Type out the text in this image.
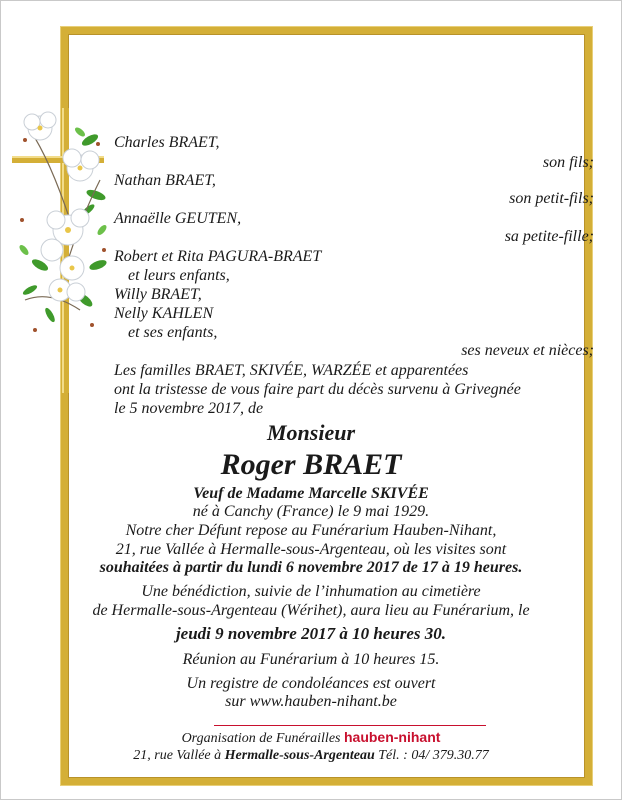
Charles BRAET,
son fils;
Nathan BRAET,
son petit-fils;
Annaëlle GEUTEN,
sa petite-fille;
Robert et Rita PAGURA-BRAET
et leurs enfants,
Willy BRAET,
Nelly KAHLEN
et ses enfants,
ses neveux et nièces;
Les familles BRAET, SKIVÉE, WARZÉE et apparentées
ont la tristesse de vous faire part du décès survenu à Grivegnée
le 5 novembre 2017, de
Monsieur
Roger BRAET
Veuf de Madame Marcelle SKIVÉE
né à Canchy (France) le 9 mai 1929.
Notre cher Défunt repose au Funérarium Hauben-Nihant,
21, rue Vallée à Hermalle-sous-Argenteau, où les visites sont
souhaitées à partir du lundi 6 novembre 2017 de 17 à 19 heures.
Une bénédiction, suivie de l’inhumation au cimetière
de Hermalle-sous-Argenteau (Wérihet), aura lieu au Funérarium, le
jeudi 9 novembre 2017 à 10 heures 30.
Réunion au Funérarium à 10 heures 15.
Un registre de condoléances est ouvert
sur www.hauben-nihant.be
Organisation de Funérailles hauben-nihant
21, rue Vallée à Hermalle-sous-Argenteau Tél. : 04/ 379.30.77
